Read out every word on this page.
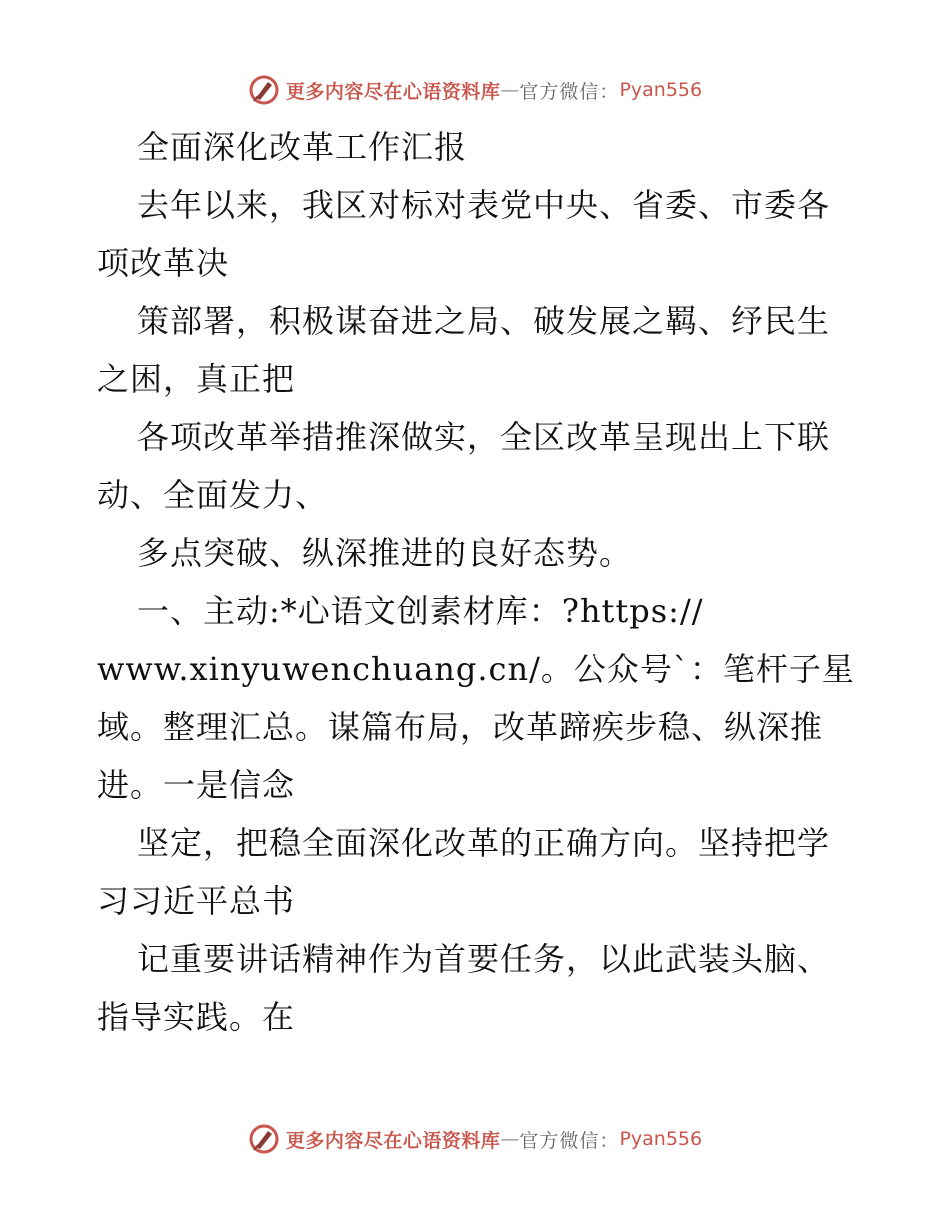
更多内容尽在心语资料库 — 官方微信： Pyan556

全面深化改革工作汇报

去年以来，我区对标对表党中央、省委、市委各项改革决

策部署，积极谋奋进之局、破发展之羁、纾民生之困，真正把

各项改革举措推深做实，全区改革呈现出上下联动、全面发力、

多点突破、纵深推进的良好态势。

一、主动:*心语文创素材库：?https://

www.xinyuwenchuang.cn/。公众号`：笔杆子星

域。整理汇总。谋篇布局，改革蹄疾步稳、纵深推进。一是信念

坚定，把稳全面深化改革的正确方向。坚持把学习习近平总书

记重要讲话精神作为首要任务，以此武装头脑、指导实践。在

更多内容尽在心语资料库 — 官方微信： Pyan556
